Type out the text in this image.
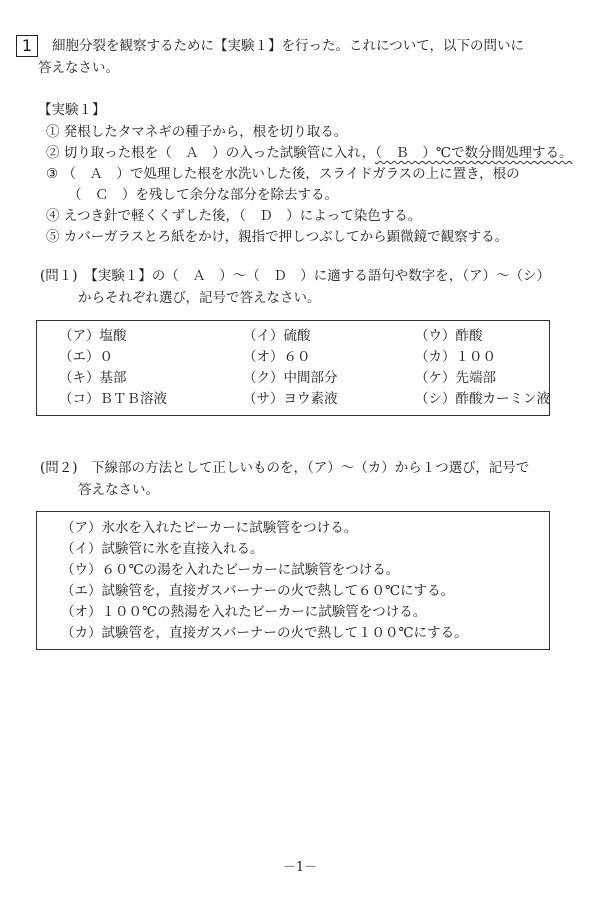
1	細胞分裂を観察するために【実験１】を行った。これについて，以下の問いに
答えなさい。
【実験１】
① 発根したタマネギの種子から，根を切り取る。
② 切り取った根を（　Ａ　）の入った試験管に入れ，（　Ｂ　）℃で数分間処理する。
③ （　Ａ　）で処理した根を水洗いした後，スライドガラスの上に置き，根の
（　Ｃ　）を残して余分な部分を除去する。
④ えつき針で軽くくずした後，（　Ｄ　）によって染色する。
⑤ カバーガラスとろ紙をかけ，親指で押しつぶしてから顕微鏡で観察する。
(問１)　【実験１】の（　Ａ　）～（　Ｄ　）に適する語句や数字を，（ア）～（シ）
からそれぞれ選び，記号で答えなさい。
（ア）塩酸	（イ）硫酸	（ウ）酢酸
（エ）０	（オ）６０	（カ）１００
（キ）基部	（ク）中間部分	（ケ）先端部
（コ）ＢＴＢ溶液	（サ）ヨウ素液	（シ）酢酸カーミン液
(問２)　下線部の方法として正しいものを，（ア）～（カ）から１つ選び，記号で
答えなさい。
（ア）氷水を入れたビーカーに試験管をつける。
（イ）試験管に氷を直接入れる。
（ウ）６０℃の湯を入れたビーカーに試験管をつける。
（エ）試験管を，直接ガスバーナーの火で熱して６０℃にする。
（オ）１００℃の熱湯を入れたビーカーに試験管をつける。
（カ）試験管を，直接ガスバーナーの火で熱して１００℃にする。
－1－
